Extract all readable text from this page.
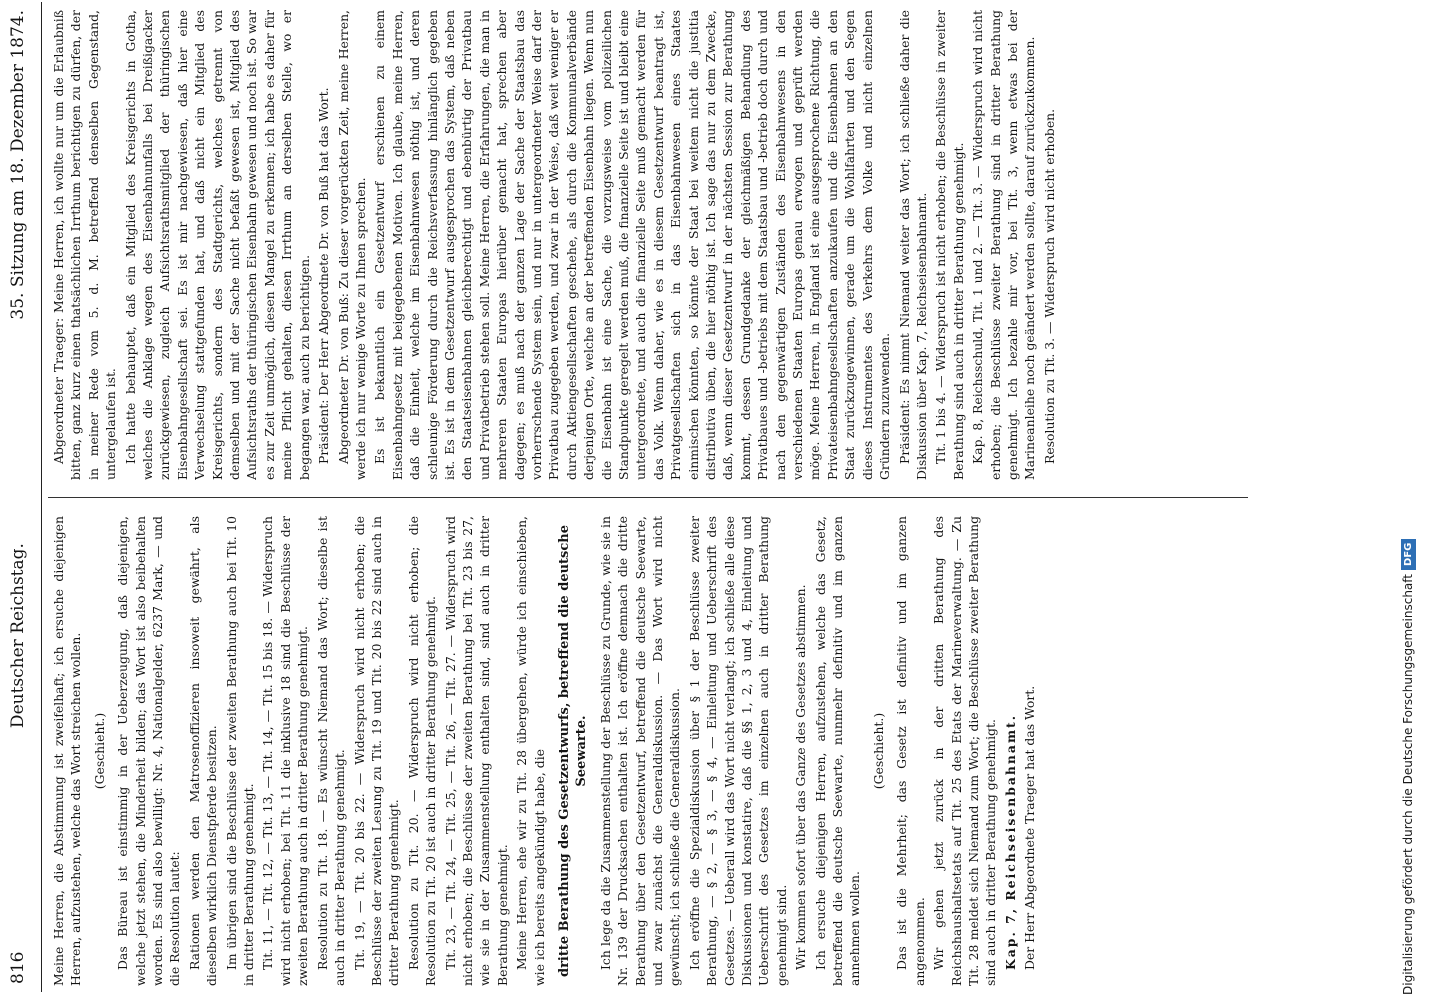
816
Deutscher Reichstag.
35. Sitzung am 18. Dezember 1874.

Meine Herren, die Abstimmung ist zweifelhaft; ich ersuche diejenigen Herren, aufzustehen, welche das Wort streichen wollen. (Geschieht.) Das Büreau ist einstimmig in der Ueberzeugung, daß diejenigen, welche jetzt stehen, die Minderheit bilden; das Wort ist also beibehalten worden. Es sind also bewilligt: Nr. 4, Nationalgelder, 6237 Mark, — und die Resolution lautet: Rationen werden den Matrosenoffizieren insoweit gewährt, als dieselben wirklich Dienstpferde besitzen. Im übrigen sind die Beschlüsse der zweiten Berathung auch bei Tit. 10 in dritter Berathung genehmigt. Tit. 11, — Tit. 12, — Tit. 13, — Tit. 14, — Tit. 15 bis 18. — Widerspruch wird nicht erhoben; bei Tit. 11 die inklusive 18 sind die Beschlüsse der zweiten Berathung auch in dritter Berathung genehmigt. Resolution zu Tit. 18. — Es wünscht Niemand das Wort; dieselbe ist auch in dritter Berathung genehmigt. Tit. 19, — Tit. 20 bis 22. — Widerspruch wird nicht erhoben; die Beschlüsse der zweiten Lesung zu Tit. 19 und Tit. 20 bis 22 sind auch in dritter Berathung genehmigt. Resolution zu Tit. 20. — Widerspruch wird nicht erhoben; die Resolution zu Tit. 20 ist auch in dritter Berathung genehmigt. Tit. 23, — Tit. 24, — Tit. 25, — Tit. 26, — Tit. 27. — Widerspruch wird nicht erhoben; die Beschlüsse der zweiten Berathung bei Tit. 23 bis 27, wie sie in der Zusammenstellung enthalten sind, sind auch in dritter Berathung genehmigt. Meine Herren, ehe wir zu Tit. 28 übergehen, würde ich einschieben, wie ich bereits angekündigt habe, die dritte Berathung des Gesetzentwurfs, betreffend die deutsche Seewarte. Ich lege da die Zusammenstellung der Beschlüsse zu Grunde, wie sie in Nr. 139 der Drucksachen enthalten ist. Ich eröffne demnach die dritte Berathung über den Gesetzentwurf, betreffend die deutsche Seewarte, und zwar zunächst die Generaldiskussion. — Das Wort wird nicht gewünscht; ich schließe die Generaldiskussion. Ich eröffne die Spezialdiskussion über § 1 der Beschlüsse zweiter Berathung, — § 2, — § 3, — § 4, — Einleitung und Ueberschrift des Gesetzes. — Ueberall wird das Wort nicht verlangt; ich schließe alle diese Diskussionen und konstatire, daß die §§ 1, 2, 3 und 4, Einleitung und Ueberschrift des Gesetzes im einzelnen auch in dritter Berathung genehmigt sind. Wir kommen sofort über das Ganze des Gesetzes abstimmen. Ich ersuche diejenigen Herren, aufzustehen, welche das Gesetz, betreffend die deutsche Seewarte, nunmehr definitiv und im ganzen annehmen wollen.

(Geschieht.) Das ist die Mehrheit; das Gesetz ist definitiv und im ganzen angenommen. Wir gehen jetzt zurück in der dritten Berathung des Reichshaushaltsetats auf Tit. 25 des Etats der Marineverwaltung. — Zu Tit. 28 meldet sich Niemand zum Wort; die Beschlüsse zweiter Berathung sind auch in dritter Berathung genehmigt. Kap. 7, Reichseisenbahnamt. Der Herr Abgeordnete Traeger hat das Wort.

Abgeordneter Traeger: Meine Herren, ich wollte nur um die Erlaubniß bitten, ganz kurz einen thatsächlichen Irrthum berichtigen zu dürfen, der in meiner Rede vom 5. d. M. betreffend denselben Gegenstand, untergelaufen ist. Ich hatte behauptet, daß ein Mitglied des Kreisgerichts in Gotha, welches die Anklage wegen des Eisenbahnunfalls bei Dreißigacker zurückgewiesen, zugleich Aufsichtsrathsmitglied der thüringischen Eisenbahngesellschaft sei. Es ist mir nachgewiesen, daß hier eine Verwechselung stattgefunden hat, und daß nicht ein Mitglied des Kreisgerichts, sondern des Stadtgerichts, welches getrennt von demselben und mit der Sache nicht befaßt gewesen ist, Mitglied des Aufsichtsraths der thüringischen Eisenbahn gewesen und noch ist. So war es zur Zeit unmöglich, diesen Mangel zu erkennen; ich habe es daher für meine Pflicht gehalten, diesen Irrthum an derselben Stelle, wo er begangen war, auch zu berichtigen. Präsident: Der Herr Abgeordnete Dr. von Buß hat das Wort. Abgeordneter Dr. von Buß: Zu dieser vorgerückten Zeit, meine Herren, werde ich nur wenige Worte zu Ihnen sprechen. Es ist bekanntlich ein Gesetzentwurf erschienen zu einem Eisenbahngesetz mit beigegebenen Motiven. Ich glaube, meine Herren, daß die Einheit, welche im Eisenbahnwesen nöthig ist, und deren schleunige Förderung durch die Reichsverfassung hinlänglich gegeben ist. Es ist in dem Gesetzentwurf ausgesprochen das System, daß neben den Staatseisenbahnen gleichberechtigt und ebenbürtig der Privatbau und Privatbetrieb stehen soll. Meine Herren, die Erfahrungen, die man in mehreren Staaten Europas hierüber gemacht hat, sprechen aber dagegen; es muß nach der ganzen Lage der Sache der Staatsbau das vorherrschende System sein, und nur in untergeordneter Weise darf der Privatbau zugegeben werden, und zwar in der Weise, daß weit weniger er durch Aktiengesellschaften geschehe, als durch die Kommunalverbände derjenigen Orte, welche an der betreffenden Eisenbahn liegen. Wenn nun die Eisenbahn ist eine Sache, die vorzugsweise vom polizeilichen Standpunkte geregelt werden muß, die finanzielle Seite ist und bleibt eine untergeordnete, und auch die finanzielle Seite muß gemacht werden für das Volk. Wenn daher, wie es in diesem Gesetzentwurf beantragt ist, Privatgesellschaften sich in das Eisenbahnwesen eines Staates einmischen könnten, so könnte der Staat bei weitem nicht die justitia distributiva üben, die hier nöthig ist. Ich sage das nur zu dem Zwecke, daß, wenn dieser Gesetzentwurf in der nächsten Session zur Berathung kommt, dessen Grundgedanke der gleichmäßigen Behandlung des Privatbaues und -betriebs mit dem Staatsbau und -betrieb doch durch und nach den gegenwärtigen Zuständen des Eisenbahnwesens in den verschiedenen Staaten Europas genau erwogen und geprüft werden möge. Meine Herren, in England ist eine ausgesprochene Richtung, die Privateisenbahngesellschaften anzukaufen und die Eisenbahnen an den Staat zurückzugewinnen, gerade um die Wohlfahrten und den Segen dieses Instrumentes des Verkehrs dem Volke und nicht einzelnen Gründern zuzuwenden. Präsident: Es nimmt Niemand weiter das Wort; ich schließe daher die Diskussion über Kap. 7, Reichseisenbahnamt. Tit. 1 bis 4. — Widerspruch ist nicht erhoben; die Beschlüsse in zweiter Berathung sind auch in dritter Berathung genehmigt. Kap. 8, Reichsschuld, Tit. 1 und 2. — Tit. 3. — Widerspruch wird nicht erhoben; die Beschlüsse zweiter Berathung sind in dritter Berathung genehmigt. Ich bezahle mir vor, bei Tit. 3, wenn etwas bei der Marineanleihe noch geändert werden sollte, darauf zurückzukommen. Resolution zu Tit. 3. — Widerspruch wird nicht erhoben.

Digitalisierung gefördert durch die Deutsche Forschungsgemeinschaft
DFG
